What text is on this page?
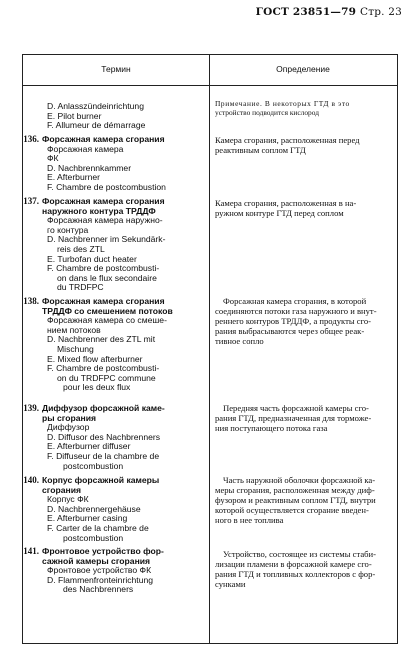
ГОСТ 23851—79 Стр. 23
Термин	Определение
D. Anlasszündeinrichtung
E. Pilot burner
F. Allumeur de démarrage
Примечание. В некоторых ГТД в это
устройство подводится кислород
136. Форсажная камера сгорания
Форсажная камера
ФК
D. Nachbrennkammer
E. Afterburner
F. Chambre de postcombustion
Камера сгорания, расположенная перед
реактивным соплом ГТД
137. Форсажная камера сгорания
наружного контура ТРДДФ
Форсажная камера наружно-
го контура
D. Nachbrenner im Sekundärk-
reis des ZTL
E. Turbofan duct heater
F. Chambre de postcombusti-
on dans le flux secondaire
du TRDFPC
Камера сгорания, расположенная в на-
ружном контуре ГТД перед соплом
138. Форсажная камера сгорания
ТРДДФ со смешением потоков
Форсажная камера со смеше-
нием потоков
D. Nachbrenner des ZTL mit
Mischung
E. Mixed flow afterburner
F. Chambre de postcombusti-
on du TRDFPC commune
pour les deux flux
Форсажная камера сгорания, в которой
соединяются потоки газа наружного и внут-
реннего контуров ТРДДФ, а продукты сго-
рания выбрасываются через общее реак-
тивное сопло
139. Диффузор форсажной каме-
ры сгорания
Диффузор
D. Diffusor des Nachbrenners
E. Afterburner diffuser
F. Diffuseur de la chambre de
postcombustion
Передняя часть форсажной камеры сго-
рания ГТД, предназначенная для торможе-
ния поступающего потока газа
140. Корпус форсажной камеры
сгорания
Корпус ФК
D. Nachbrennergehäuse
E. Afterburner casing
F. Carter de la chambre de
postcombustion
Часть наружной оболочки форсажной ка-
меры сгорания, расположенная между диф-
фузором и реактивным соплом ГТД, внутри
которой осуществляется сгорание введен-
ного в нее топлива
141. Фронтовое устройство фор-
сажной камеры сгорания
Фронтовое устройство ФК
D. Flammenfronteinrichtung
des Nachbrenners
Устройство, состоящее из системы стаби-
лизации пламени в форсажной камере сго-
рания ГТД и топливных коллекторов с фор-
сунками
